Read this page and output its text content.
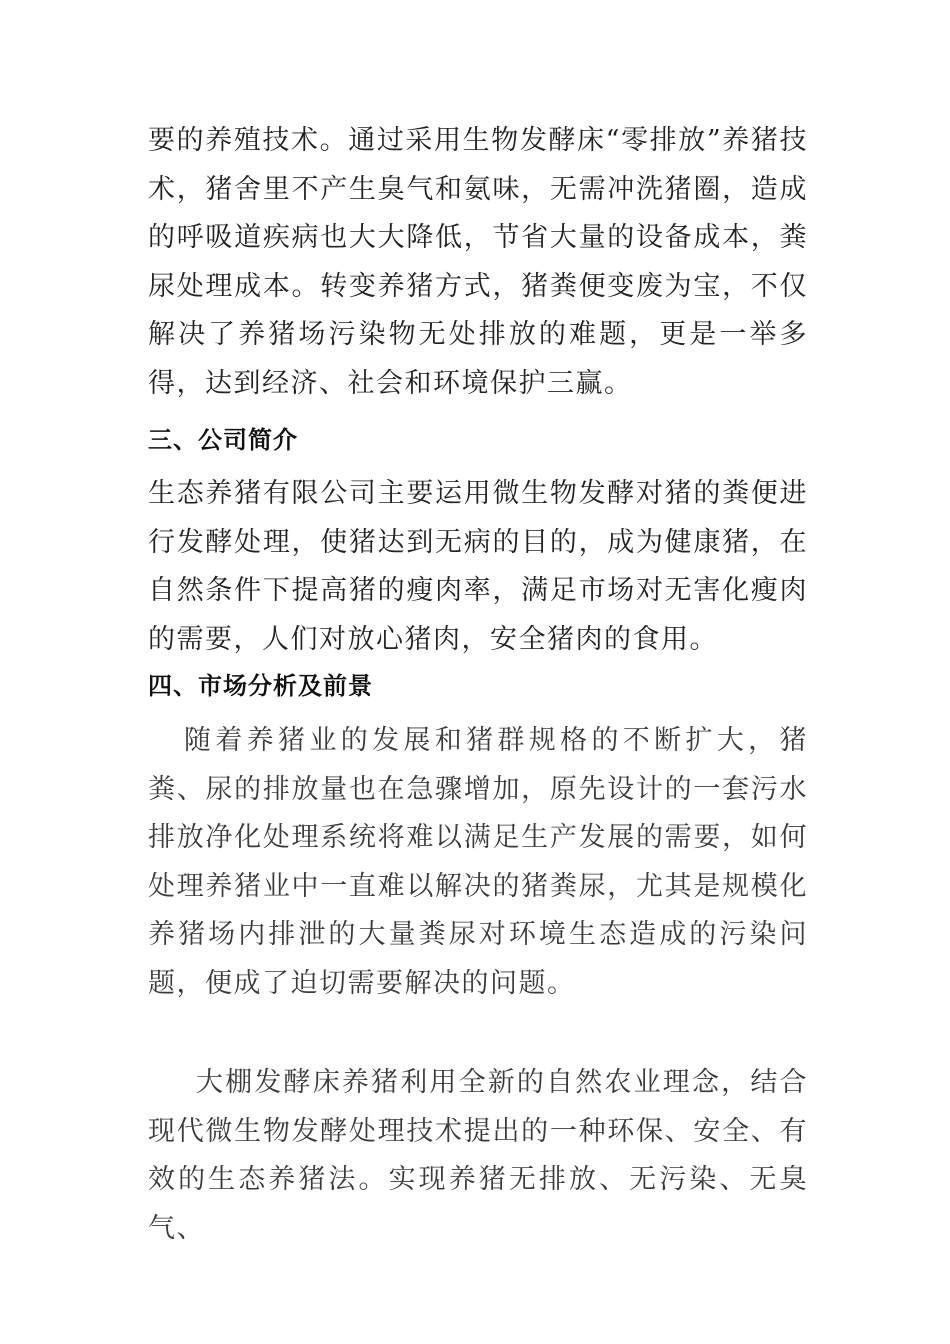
要的养殖技术。通过采用生物发酵床“零排放”养猪技术，猪舍里不产生臭气和氨味，无需冲洗猪圈，造成的呼吸道疾病也大大降低，节省大量的设备成本，粪尿处理成本。转变养猪方式，猪粪便变废为宝，不仅解决了养猪场污染物无处排放的难题，更是一举多得，达到经济、社会和环境保护三赢。

三、公司简介

生态养猪有限公司主要运用微生物发酵对猪的粪便进行发酵处理，使猪达到无病的目的，成为健康猪，在自然条件下提高猪的瘦肉率，满足市场对无害化瘦肉的需要，人们对放心猪肉，安全猪肉的食用。

四、市场分析及前景

随着养猪业的发展和猪群规格的不断扩大，猪粪、尿的排放量也在急骤增加，原先设计的一套污水排放净化处理系统将难以满足生产发展的需要，如何处理养猪业中一直难以解决的猪粪尿，尤其是规模化养猪场内排泄的大量粪尿对环境生态造成的污染问题，便成了迫切需要解决的问题。

大棚发酵床养猪利用全新的自然农业理念，结合现代微生物发酵处理技术提出的一种环保、安全、有效的生态养猪法。实现养猪无排放、无污染、无臭气、
